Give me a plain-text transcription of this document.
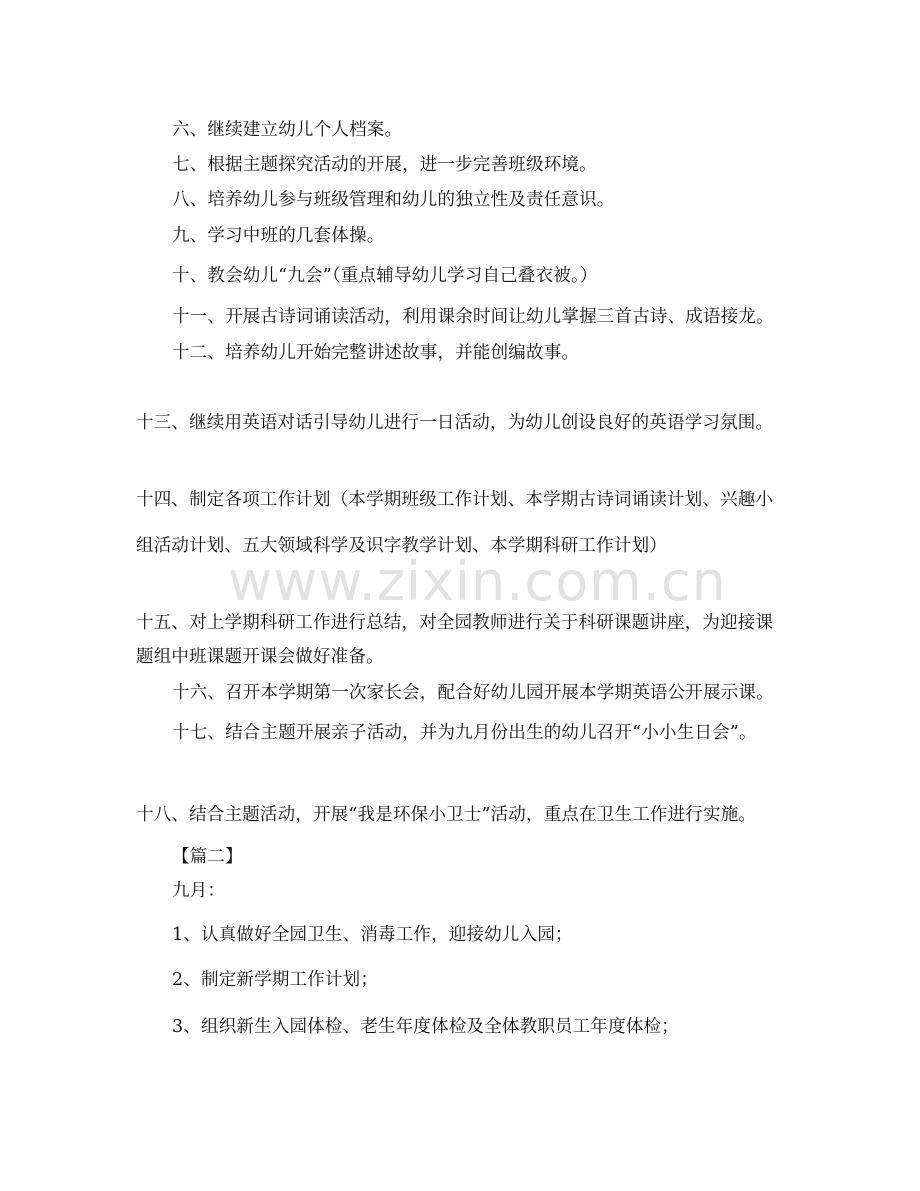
六、继续建立幼儿个人档案。
七、根据主题探究活动的开展，进一步完善班级环境。
八、培养幼儿参与班级管理和幼儿的独立性及责任意识。
九、学习中班的几套体操。
十、教会幼儿“九会”（重点辅导幼儿学习自己叠衣被。）
十一、开展古诗词诵读活动，利用课余时间让幼儿掌握三首古诗、成语接龙。
十二、培养幼儿开始完整讲述故事，并能创编故事。
十三、继续用英语对话引导幼儿进行一日活动，为幼儿创设良好的英语学习氛围。
十四、制定各项工作计划（本学期班级工作计划、本学期古诗词诵读计划、兴趣小
组活动计划、五大领域科学及识字教学计划、本学期科研工作计划）
十五、对上学期科研工作进行总结，对全园教师进行关于科研课题讲座，为迎接课
题组中班课题开课会做好准备。
十六、召开本学期第一次家长会，配合好幼儿园开展本学期英语公开展示课。
十七、结合主题开展亲子活动，并为九月份出生的幼儿召开“小小生日会”。
十八、结合主题活动，开展“我是环保小卫士”活动，重点在卫生工作进行实施。
【篇二】
九月：
1、认真做好全园卫生、消毒工作，迎接幼儿入园；
2、制定新学期工作计划；
3、组织新生入园体检、老生年度体检及全体教职员工年度体检；
www.zixin.com.cn
